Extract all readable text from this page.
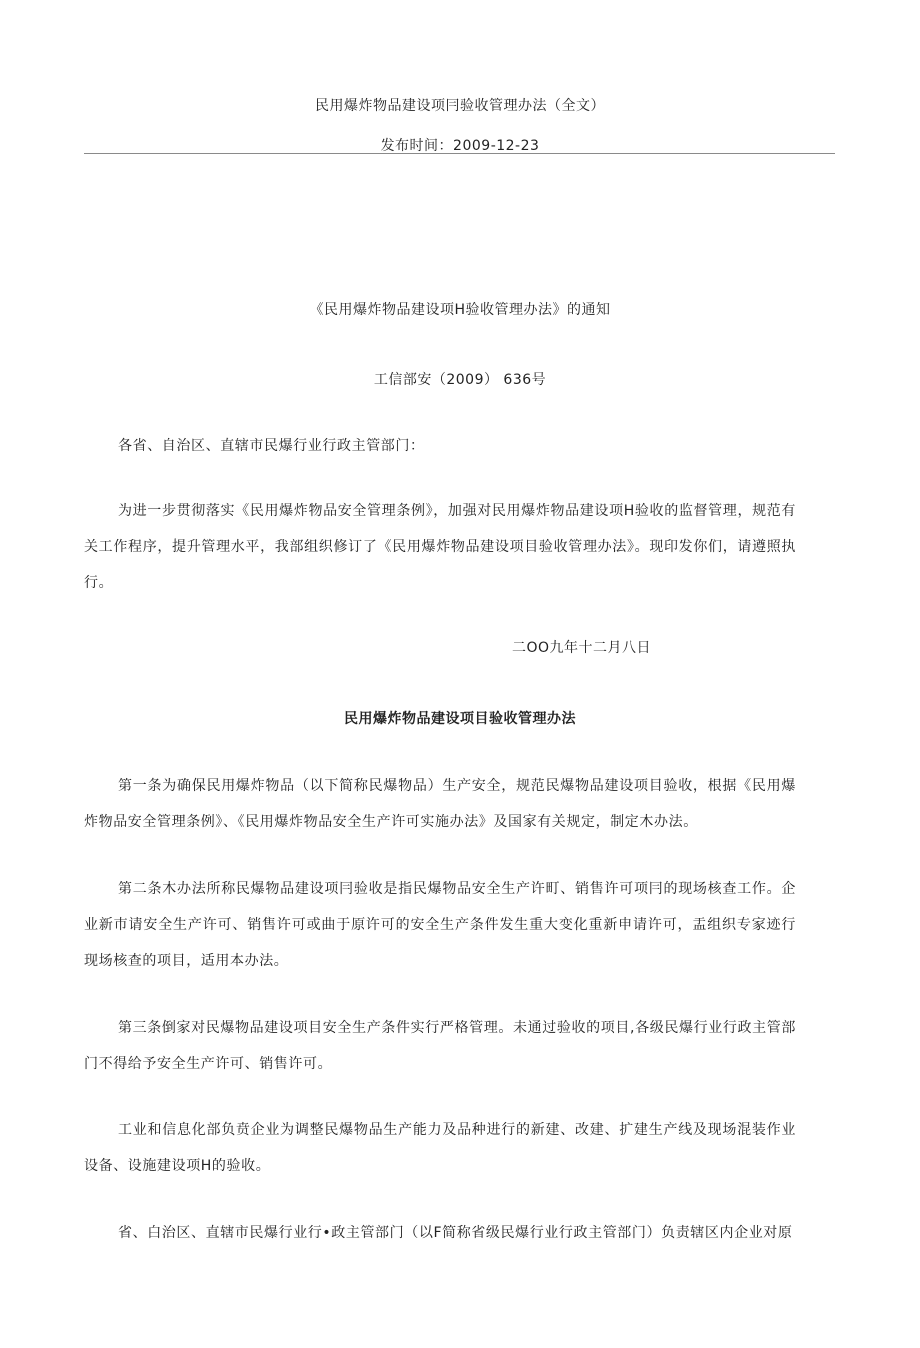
民用爆炸物品建设项冃验收管理办法（全文）
发布时间：2009-12-23
《民用爆炸物品建设项H验收管理办法》的通知
工信部安（2009） 636号
各省、自治区、直辖市民爆行业行政主管部门：
为进一步贯彻落实《民用爆炸物品安全管理条例》，加强对民用爆炸物品建设项H验收的监督管理，规范有关工作程序，提升管理水平，我部组织修订了《民用爆炸物品建设项目验收管理办法》。现印发你们，请遵照执行。
二OO九年十二月八日
民用爆炸物品建设项目验收管理办法
第一条为确保民用爆炸物品（以下简称民爆物品）生产安全，规范民爆物品建设项目验收，根据《民用爆炸物品安全管理条例》、《民用爆炸物品安全生产许可实施办法》及国家有关规定，制定木办法。
第二条木办法所称民爆物品建设项冃验收是指民爆物品安全生产许町、销售许可项冃的现场核查工作。企业新巿请安全生产许可、销售许可或曲于原许可的安全生产条件发生重大变化重新申请许可，盂组织专家迹行现场核查的项目，适用本办法。
第三条倒家对民爆物品建设项目安全生产条件实行严格管理。未通过验收的项目,各级民爆行业行政主管部门不得给予安全生产许可、销售许可。
工业和信息化部负贲企业为调整民爆物品生产能力及品种进行的新建、改建、扩建生产线及现场混装作业设备、设施建设项H的验收。
省、白治区、直辖市民爆行业行•政主管部门（以F简称省级民爆行业行政主管部门）负责辖区内企业对原
